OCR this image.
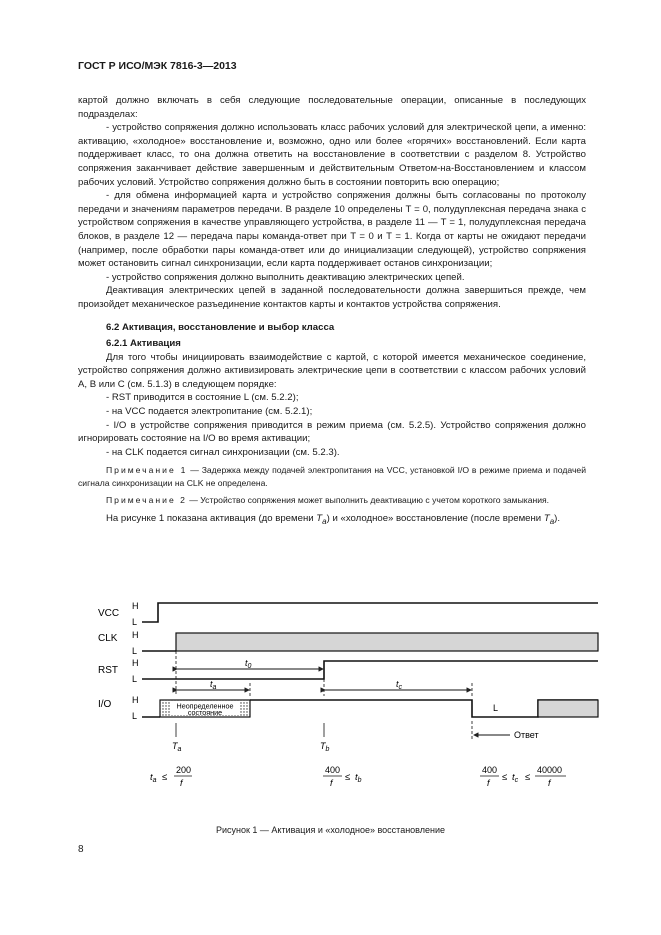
ГОСТ Р ИСО/МЭК 7816-3—2013

картой должно включать в себя следующие последовательные операции, описанные в последующих подразделах:

- устройство сопряжения должно использовать класс рабочих условий для электрической цепи, а именно: активацию, «холодное» восстановление и, возможно, одно или более «горячих» восстановлений. Если карта поддерживает класс, то она должна ответить на восстановление в соответствии с разделом 8. Устройство сопряжения заканчивает действие завершенным и действительным Ответом-на-Восстановлением и классом рабочих условий. Устройство сопряжения должно быть в состоянии повторить всю операцию;

- для обмена информацией карта и устройство сопряжения должны быть согласованы по протоколу передачи и значениям параметров передачи. В разделе 10 определены T = 0, полудуплексная передача знака с устройством сопряжения в качестве управляющего устройства, в разделе 11 — T = 1, полудуплексная передача блоков, в разделе 12 — передача пары команда-ответ при T = 0 и T = 1. Когда от карты не ожидают передачи (например, после обработки пары команда-ответ или до инициализации следующей), устройство сопряжения может остановить сигнал синхронизации, если карта поддерживает останов синхронизации;

- устройство сопряжения должно выполнить деактивацию электрических цепей.

Деактивация электрических цепей в заданной последовательности должна завершиться прежде, чем произойдет механическое разъединение контактов карты и контактов устройства сопряжения.

6.2 Активация, восстановление и выбор класса

6.2.1 Активация

Для того чтобы инициировать взаимодействие с картой, с которой имеется механическое соединение, устройство сопряжения должно активизировать электрические цепи в соответствии с классом рабочих условий A, B или C (см. 5.1.3) в следующем порядке:

- RST приводится в состояние L (см. 5.2.2);

- на VCC подается электропитание (см. 5.2.1);

- I/O в устройстве сопряжения приводится в режим приема (см. 5.2.5). Устройство сопряжения должно игнорировать состояние на I/O во время активации;

- на CLK подается сигнал синхронизации (см. 5.2.3).

Примечание 1 — Задержка между подачей электропитания на VCC, установкой I/O в режиме приема и подачей сигнала синхронизации на CLK не определена.

Примечание 2 — Устройство сопряжения может выполнить деактивацию с учетом короткого замыкания.

На рисунке 1 показана активация (до времени $T_a$) и «холодное» восстановление (после времени $T_a$).

VCC
CLK
RST
I/O
H
L
H
L
H
L
H
L
Неопределенное
состояние	L
$t_0$
$t_a$	$t_c$
$T_a$	$T_b$
Ответ
$t_a$ ≤
200
f
400
$f \le t_b$
400
$f \le t_c$ ≤
40000
f
Рисунок 1 — Активация и «холодное» восстановление
8
